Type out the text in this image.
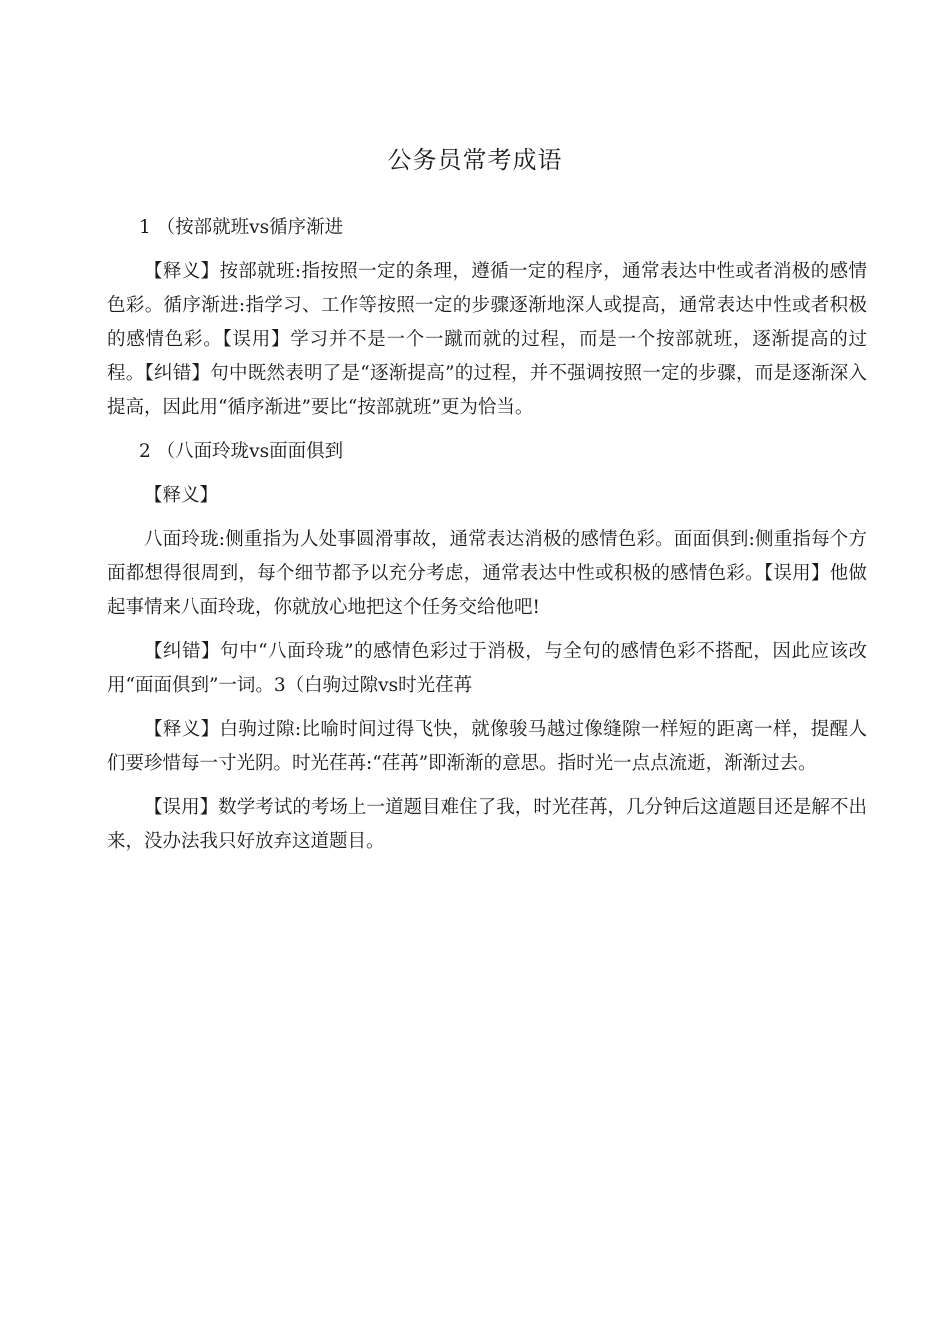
公务员常考成语

1 （按部就班vs循序渐进

【释义】按部就班:指按照一定的条理，遵循一定的程序，通常表达中性或者消极的感情色彩。循序渐进:指学习、工作等按照一定的步骤逐渐地深人或提高，通常表达中性或者积极的感情色彩。【误用】学习并不是一个一蹴而就的过程，而是一个按部就班，逐渐提高的过程。【纠错】句中既然表明了是“逐渐提高”的过程，并不强调按照一定的步骤，而是逐渐深入提高，因此用“循序渐进”要比“按部就班”更为恰当。

2 （八面玲珑vs面面俱到

【释义】

八面玲珑:侧重指为人处事圆滑事故，通常表达消极的感情色彩。面面俱到:侧重指每个方面都想得很周到，每个细节都予以充分考虑，通常表达中性或积极的感情色彩。【误用】他做起事情来八面玲珑，你就放心地把这个任务交给他吧!

【纠错】句中“八面玲珑”的感情色彩过于消极，与全句的感情色彩不搭配，因此应该改用“面面俱到”一词。3（白驹过隙vs时光荏苒

【释义】白驹过隙:比喻时间过得飞快，就像骏马越过像缝隙一样短的距离一样，提醒人们要珍惜每一寸光阴。时光荏苒:“荏苒”即渐渐的意思。指时光一点点流逝，渐渐过去。

【误用】数学考试的考场上一道题目难住了我，时光荏苒，几分钟后这道题目还是解不出来，没办法我只好放弃这道题目。
